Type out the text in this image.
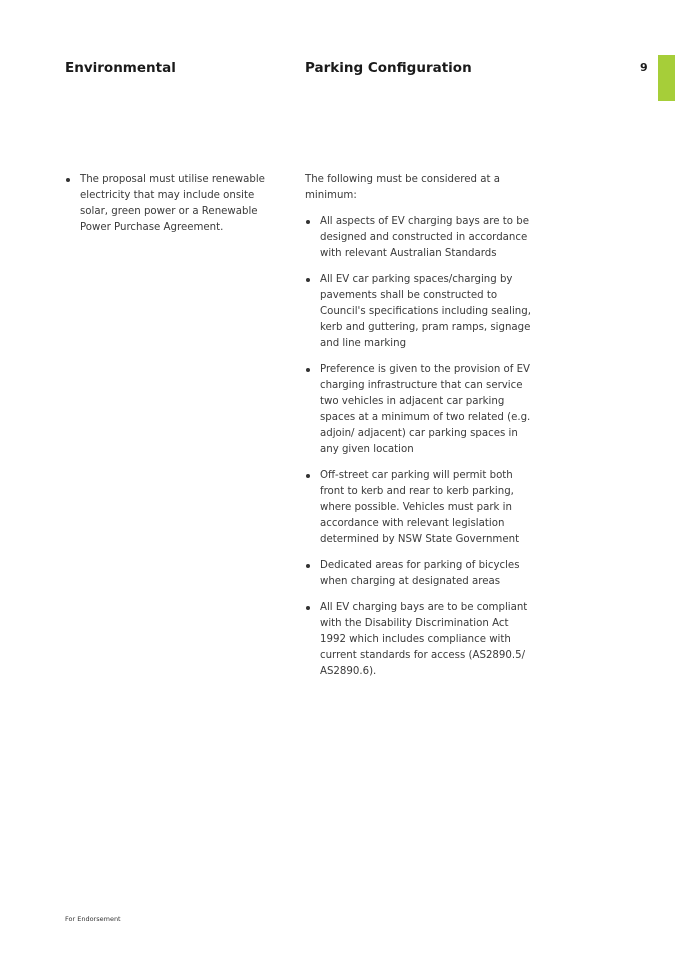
Environmental	Parking Configuration	9
The proposal must utilise renewable electricity that may include onsite solar, green power or a Renewable Power Purchase Agreement.

The following must be considered at a minimum:

All aspects of EV charging bays are to be designed and constructed in accordance with relevant Australian Standards
All EV car parking spaces/charging by pavements shall be constructed to Council's specifications including sealing, kerb and guttering, pram ramps, signage and line marking
Preference is given to the provision of EV charging infrastructure that can service two vehicles in adjacent car parking spaces at a minimum of two related (e.g. adjoin/ adjacent) car parking spaces in any given location
Off-street car parking will permit both front to kerb and rear to kerb parking, where possible. Vehicles must park in accordance with relevant legislation determined by NSW State Government
Dedicated areas for parking of bicycles when charging at designated areas
All EV charging bays are to be compliant with the Disability Discrimination Act 1992 which includes compliance with current standards for access (AS2890.5/ AS2890.6).
For Endorsement
